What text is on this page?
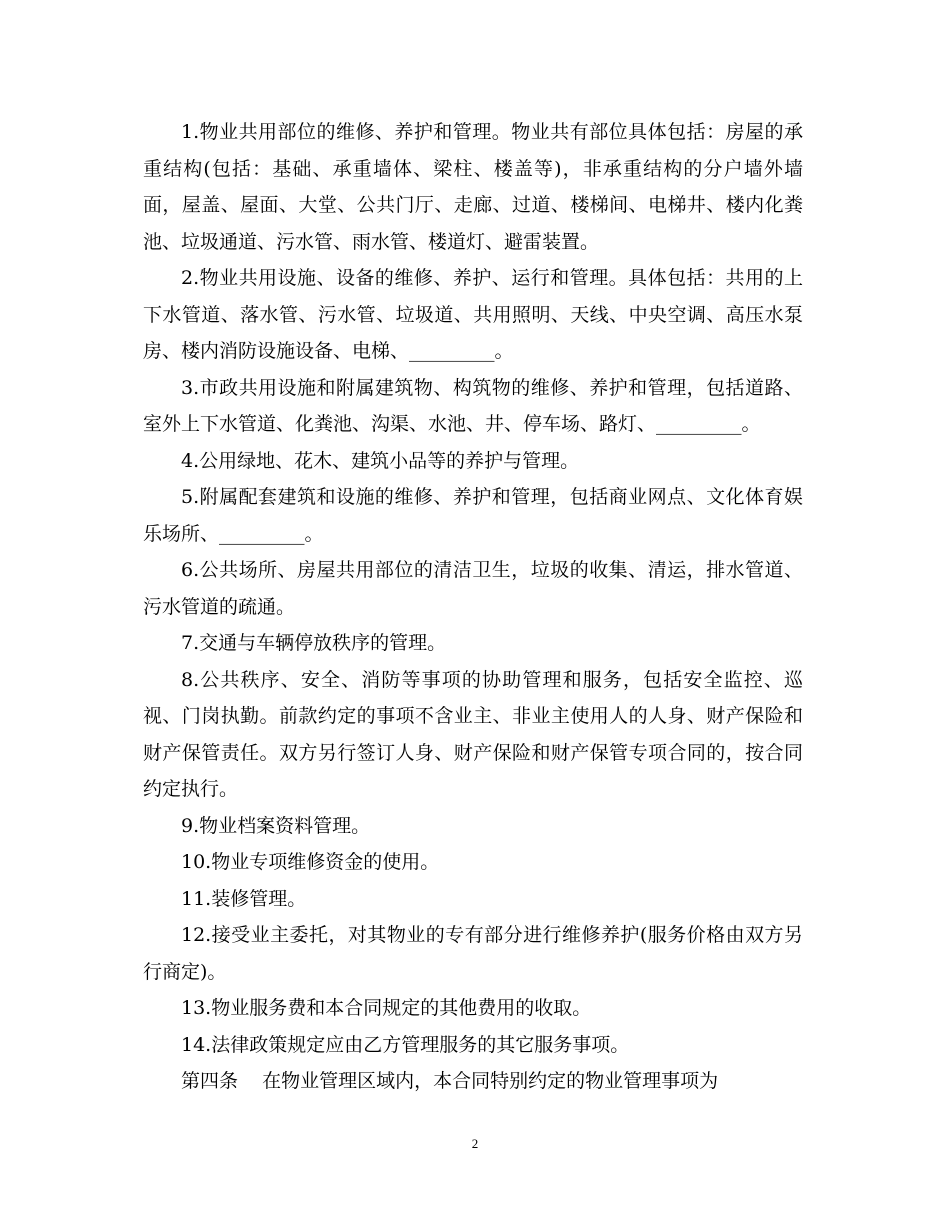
1.物业共用部位的维修、养护和管理。物业共有部位具体包括：房屋的承重结构(包括：基础、承重墙体、梁柱、楼盖等)，非承重结构的分户墙外墙面，屋盖、屋面、大堂、公共门厅、走廊、过道、楼梯间、电梯井、楼内化粪池、垃圾通道、污水管、雨水管、楼道灯、避雷装置。

2.物业共用设施、设备的维修、养护、运行和管理。具体包括：共用的上下水管道、落水管、污水管、垃圾道、共用照明、天线、中央空调、高压水泵房、楼内消防设施设备、电梯、_________。

3.市政共用设施和附属建筑物、构筑物的维修、养护和管理，包括道路、室外上下水管道、化粪池、沟渠、水池、井、停车场、路灯、_________。

4.公用绿地、花木、建筑小品等的养护与管理。

5.附属配套建筑和设施的维修、养护和管理，包括商业网点、文化体育娱乐场所、_________。

6.公共场所、房屋共用部位的清洁卫生，垃圾的收集、清运，排水管道、污水管道的疏通。

7.交通与车辆停放秩序的管理。

8.公共秩序、安全、消防等事项的协助管理和服务，包括安全监控、巡视、门岗执勤。前款约定的事项不含业主、非业主使用人的人身、财产保险和财产保管责任。双方另行签订人身、财产保险和财产保管专项合同的，按合同约定执行。

9.物业档案资料管理。

10.物业专项维修资金的使用。

11.装修管理。

12.接受业主委托，对其物业的专有部分进行维修养护(服务价格由双方另行商定)。

13.物业服务费和本合同规定的其他费用的收取。

14.法律政策规定应由乙方管理服务的其它服务事项。

第四条    在物业管理区域内，本合同特别约定的物业管理事项为

2
